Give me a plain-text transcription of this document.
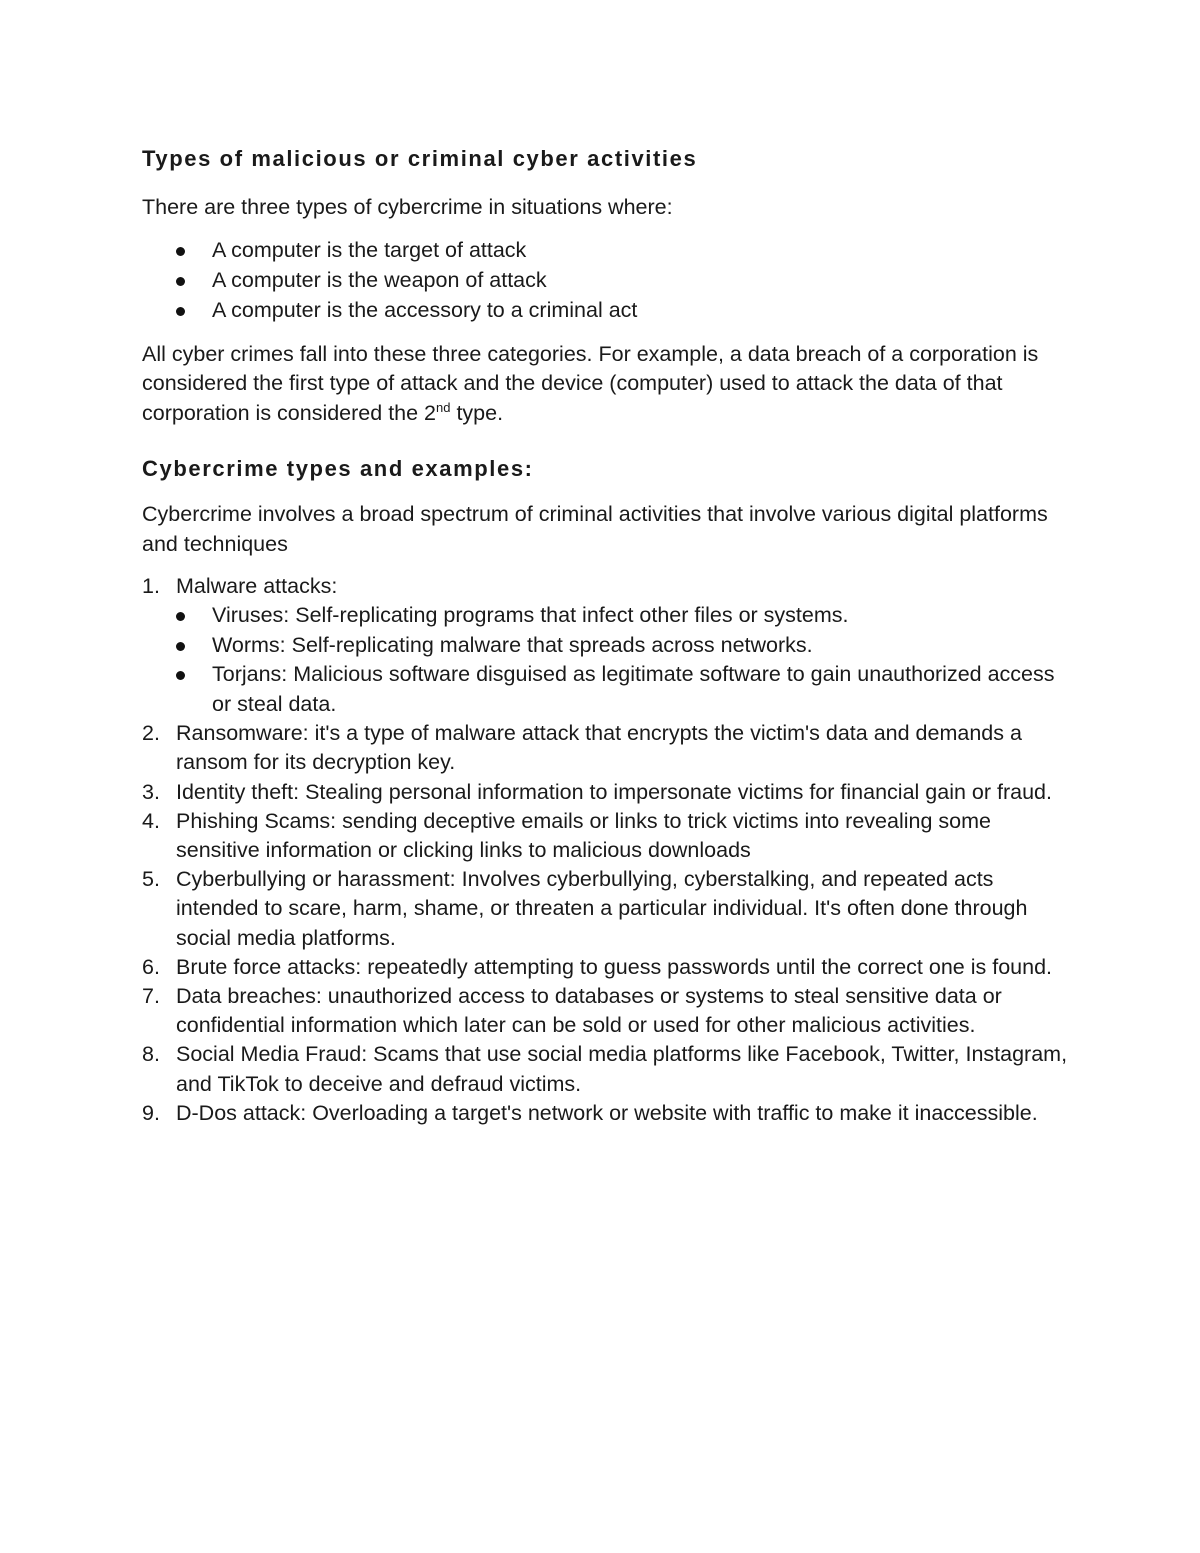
Types of malicious or criminal cyber activities

There are three types of cybercrime in situations where:

A computer is the target of attack
A computer is the weapon of attack
A computer is the accessory to a criminal act

All cyber crimes fall into these three categories. For example, a data breach of a corporation is considered the first type of attack and the device (computer) used to attack the data of that corporation is considered the 2nd type.

Cybercrime types and examples:

Cybercrime involves a broad spectrum of criminal activities that involve various digital platforms and techniques

1. Malware attacks:
Viruses: Self-replicating programs that infect other files or systems.
Worms: Self-replicating malware that spreads across networks.
Torjans: Malicious software disguised as legitimate software to gain unauthorized access or steal data.
2. Ransomware: it's a type of malware attack that encrypts the victim's data and demands a ransom for its decryption key.
3. Identity theft: Stealing personal information to impersonate victims for financial gain or fraud.
4. Phishing Scams: sending deceptive emails or links to trick victims into revealing some sensitive information or clicking links to malicious downloads
5. Cyberbullying or harassment: Involves cyberbullying, cyberstalking, and repeated acts intended to scare, harm, shame, or threaten a particular individual. It's often done through social media platforms.
6. Brute force attacks: repeatedly attempting to guess passwords until the correct one is found.
7. Data breaches: unauthorized access to databases or systems to steal sensitive data or confidential information which later can be sold or used for other malicious activities.
8. Social Media Fraud: Scams that use social media platforms like Facebook, Twitter, Instagram, and TikTok to deceive and defraud victims.
9. D-Dos attack: Overloading a target's network or website with traffic to make it inaccessible.
